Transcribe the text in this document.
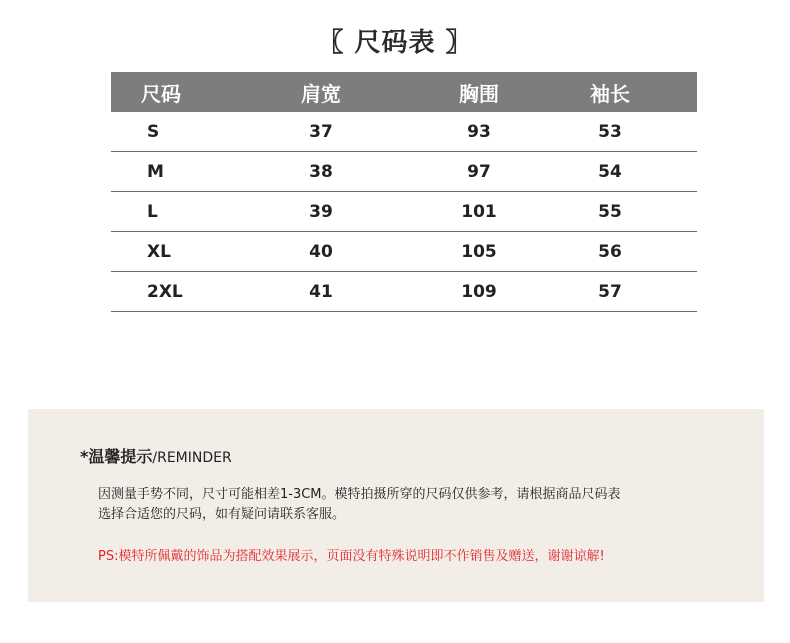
〖 尺码表 〗
尺码	肩宽	胸围	袖长
S	37	93	53
M	38	97	54
L	39	101	55
XL	40	105	56
2XL	41	109	57
*温馨提示/REMINDER
因测量手势不同，尺寸可能相差1-3CM。模特拍摄所穿的尺码仅供参考，请根据商品尺码表
选择合适您的尺码，如有疑问请联系客服。
PS:模特所佩戴的饰品为搭配效果展示，页面没有特殊说明即不作销售及赠送，谢谢谅解!
